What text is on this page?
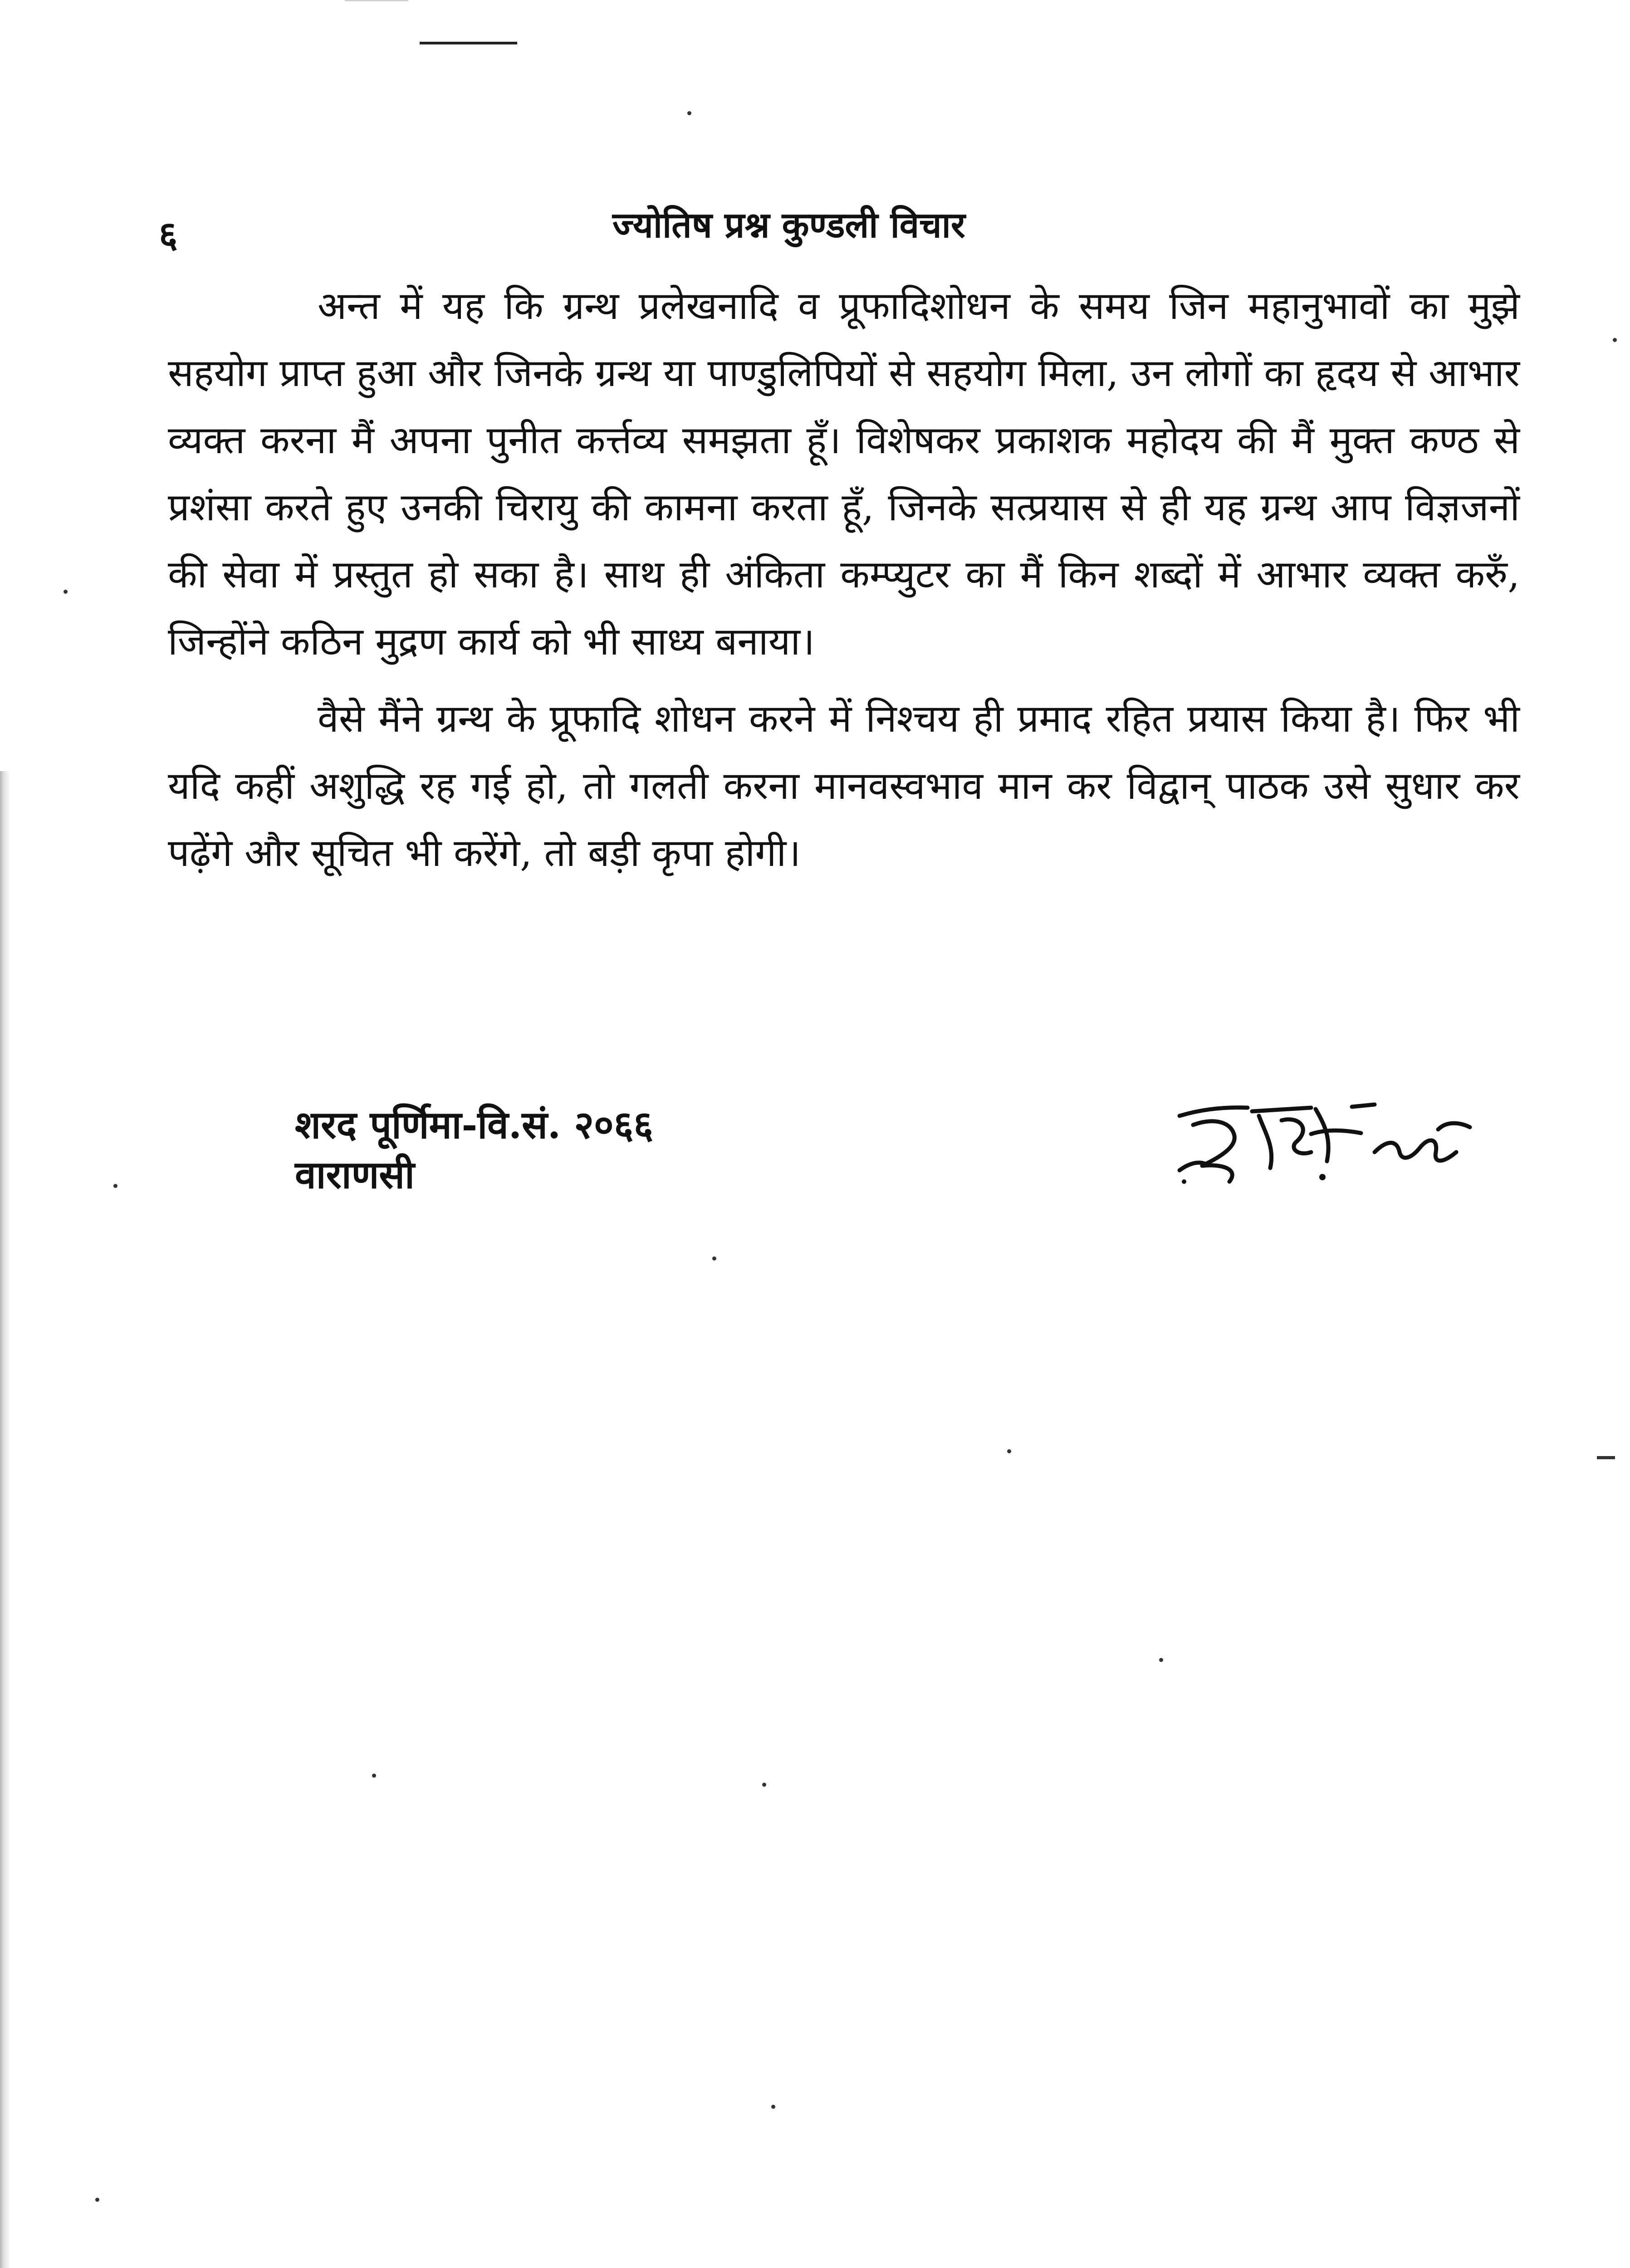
६	ज्योतिष प्रश्न कुण्डली विचार

अन्त में यह कि ग्रन्थ प्रलेखनादि व प्रूफादिशोधन के समय जिन महानुभावों का मुझे सहयोग प्राप्त हुआ और जिनके ग्रन्थ या पाण्डुलिपियों से सहयोग मिला, उन लोगों का हृदय से आभार व्यक्त करना मैं अपना पुनीत कर्त्तव्य समझता हूँ। विशेषकर प्रकाशक महोदय की मैं मुक्त कण्ठ से प्रशंसा करते हुए उनकी चिरायु की कामना करता हूँ, जिनके सत्प्रयास से ही यह ग्रन्थ आप विज्ञजनों की सेवा में प्रस्तुत हो सका है। साथ ही अंकिता कम्प्युटर का मैं किन शब्दों में आभार व्यक्त करुँ, जिन्होंने कठिन मुद्रण कार्य को भी साध्य बनाया।

वैसे मैंने ग्रन्थ के प्रूफादि शोधन करने में निश्चय ही प्रमाद रहित प्रयास किया है। फिर भी यदि कहीं अशुद्धि रह गई हो, तो गलती करना मानवस्वभाव मान कर विद्वान् पाठक उसे सुधार कर पढ़ेंगे और सूचित भी करेंगे, तो बड़ी कृपा होगी।

शरद पूर्णिमा-वि.सं. २०६६
वाराणसी
